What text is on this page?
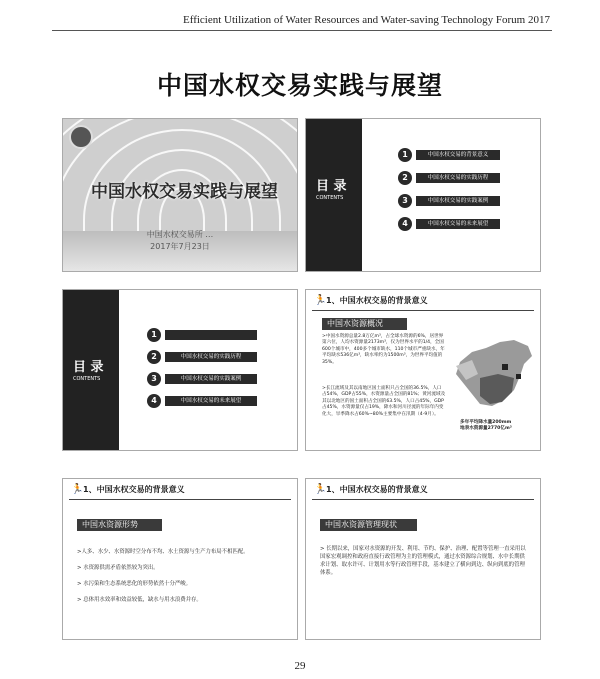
Efficient Utilization of Water Resources and Water-saving Technology Forum 2017
中国水权交易实践与展望
中国水权交易实践与展望
中国水权交易所 …
2017年7月23日
目 录
CONTENTS
1	中国水权交易的背景意义
2	中国水权交易的实践历程
3	中国水权交易的实践案例
4	中国水权交易的未来展望
目 录
CONTENTS
1
2	中国水权交易的实践历程
3	中国水权交易的实践案例
4	中国水权交易的未来展望
🏃1、中国水权交易的背景意义
中国水资源概况
>中国水资源总量2.8万亿m³，占全球水资源的6%，居世界第六位，人均水资源量2173m³，仅为世界水平的1/4，全国600个城市中，400多个城市缺水，110个城市严重缺水，年平均缺水536亿m³，缺水率约为1500m³，为世界平均值的35%。
>长江流域及其以南地区国土面积只占全国的36.5%，人口占54%，GDP占55%，水资源量占全国的81%；黄河流域及其以北地区的国土面积占全国的63.5%，人口占45%，GDP占45%，水资源量仅占19%，降水和河川径流的年际年内变化大，旱季降水占60%~80%主要集中在汛期（4-9月）。
多年平均降水量200mm
地表水资源量2770亿m³
🏃1、中国水权交易的背景意义
中国水资源形势
>人多、水少、水资源时空分布不均、水土资源与生产力布局不相匹配。
> 水资源供需矛盾依然较为突出。
> 水污染和生态系统恶化的形势依然十分严峻。
> 总体用水效率和效益较低，缺水与用水浪费并存。
🏃1、中国水权交易的背景意义
中国水资源管理现状
> 长期以来，国家对水资源的开发、利用、节约、保护、治理、配置等管理一直采用以国家宏观调控和政府直接行政管理为主的管理模式，通过水资源综合规划、水中长期供求计划、取水许可、计划用水等行政管理手段，基本建立了横向到边、纵向到底的管理体系。
29
